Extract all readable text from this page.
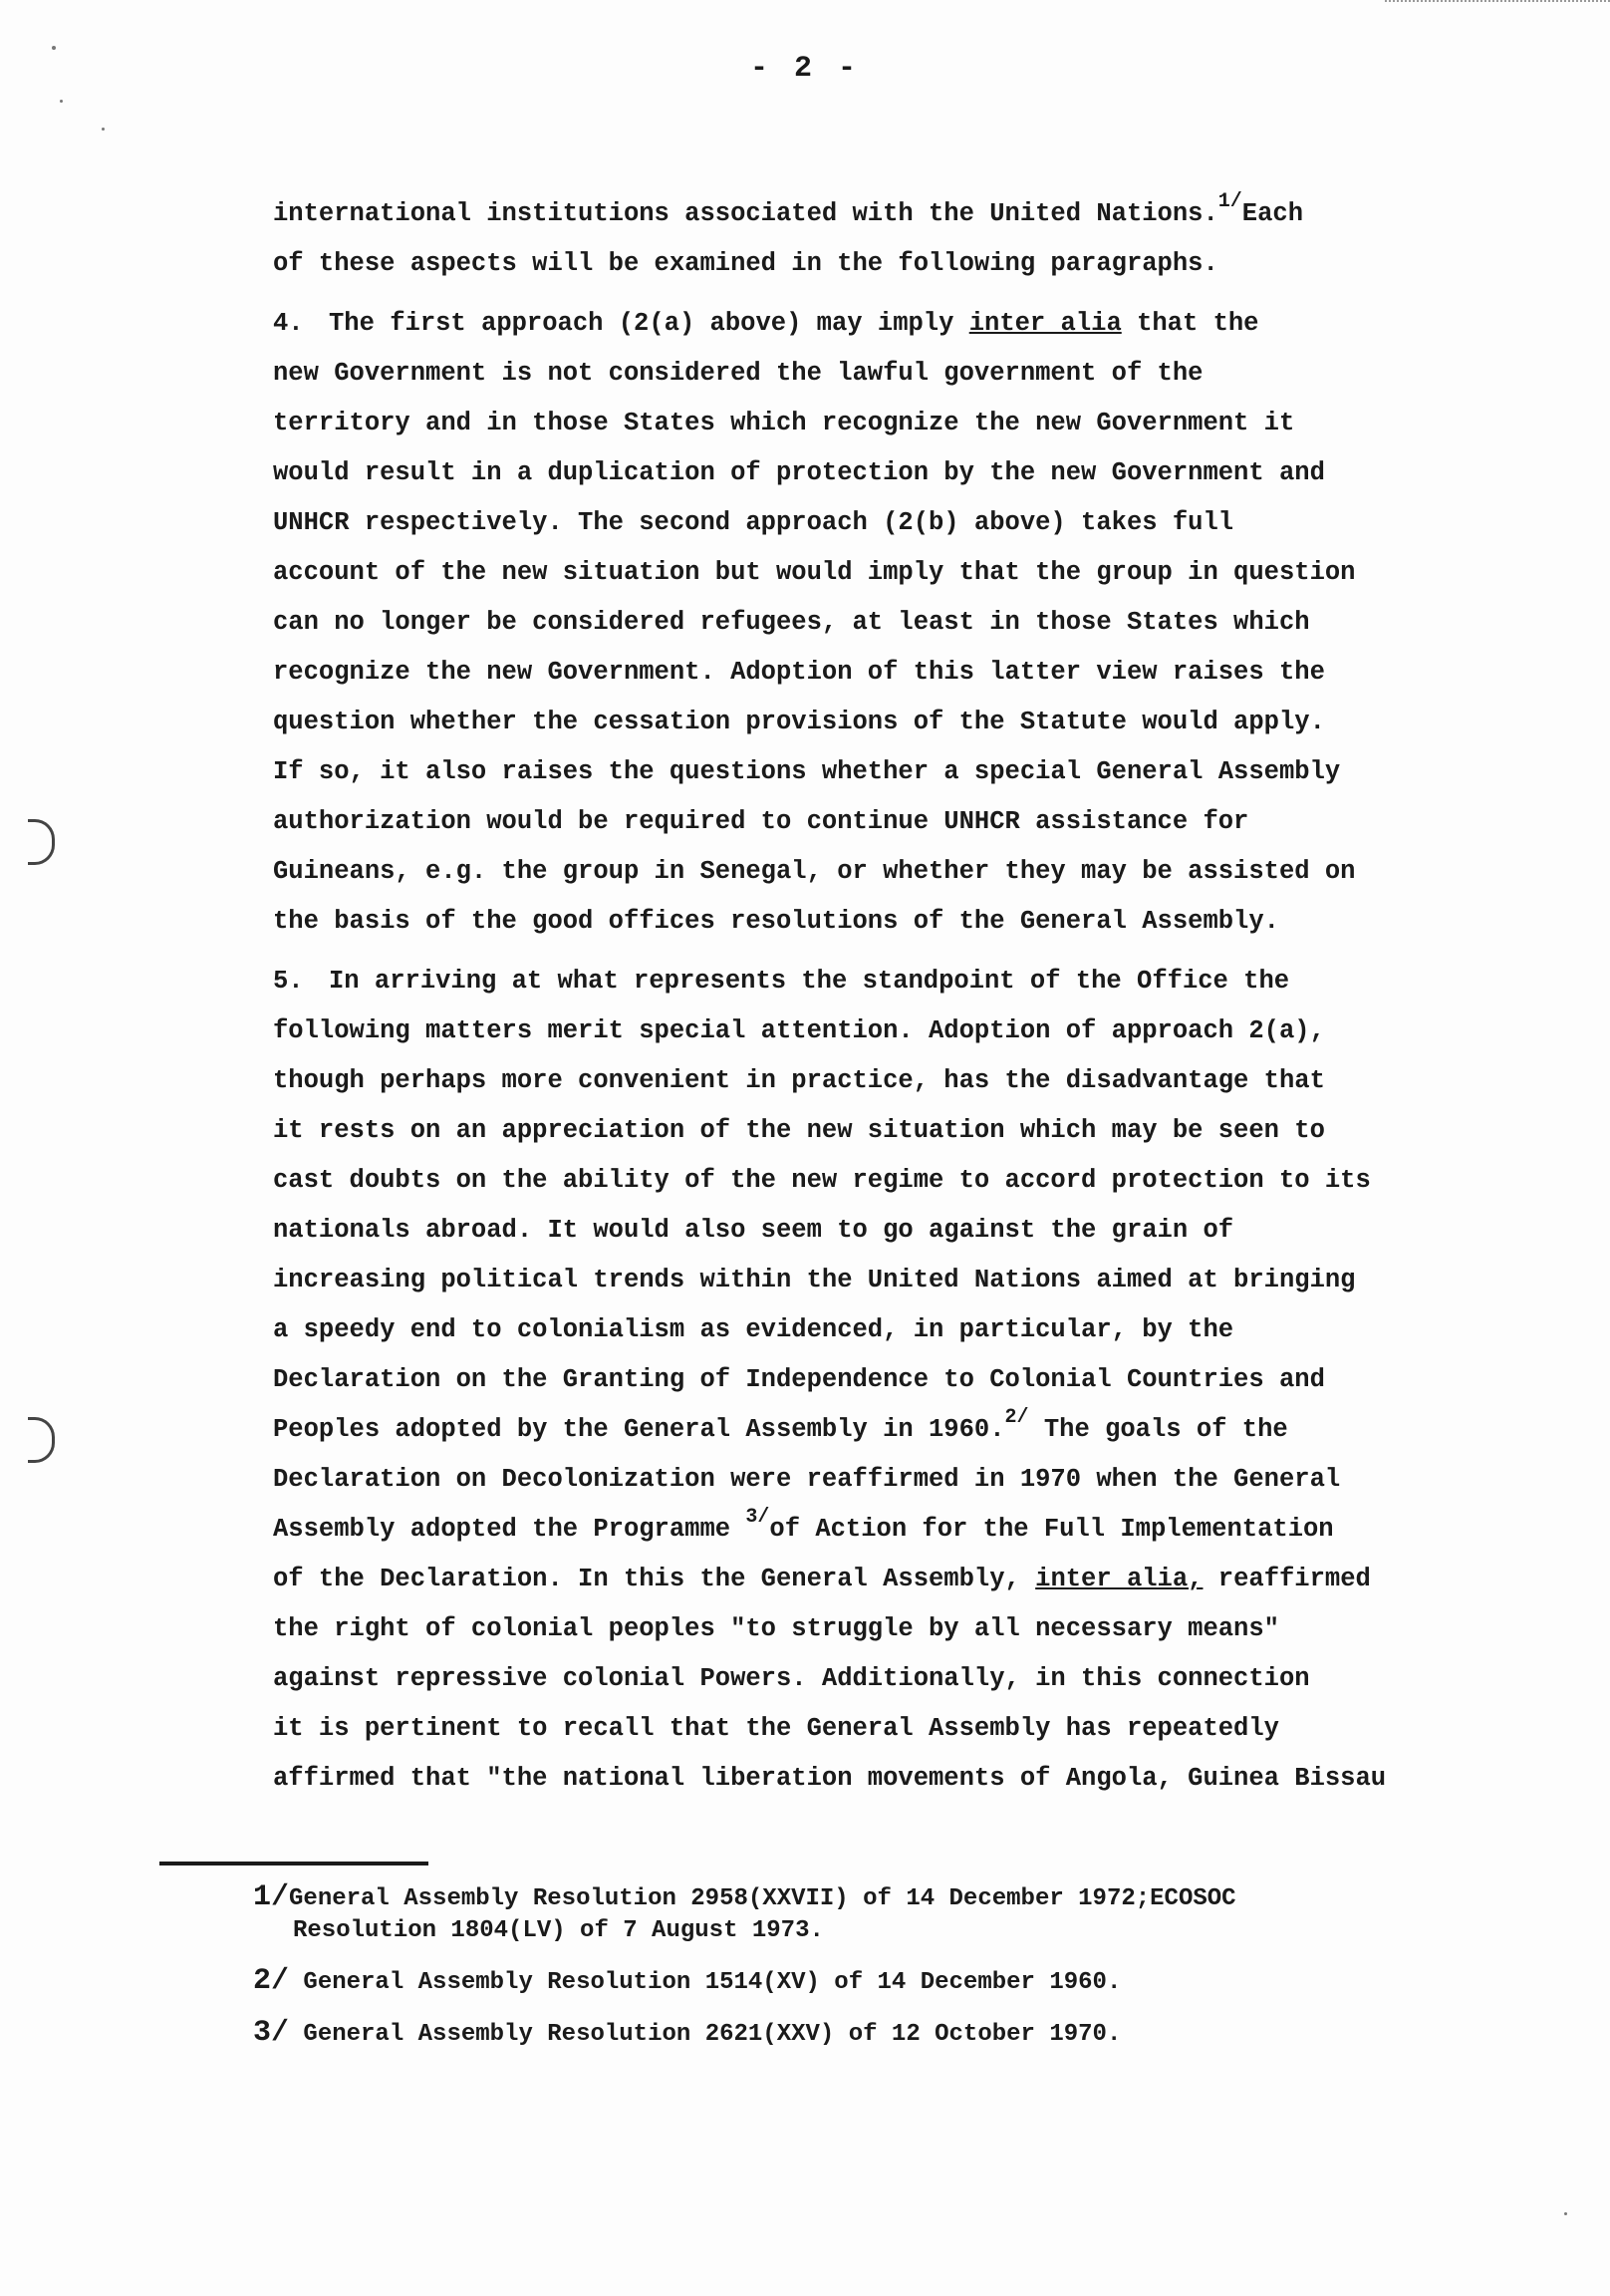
- 2 -

international institutions associated with the United Nations.$^{1/}$Each
of these aspects will be examined in the following paragraphs.

4. The first approach (2(a) above) may imply inter alia that the
new Government is not considered the lawful government of the
territory and in those States which recognize the new Government it
would result in a duplication of protection by the new Government and
UNHCR respectively. The second approach (2(b) above) takes full
account of the new situation but would imply that the group in question
can no longer be considered refugees, at least in those States which
recognize the new Government. Adoption of this latter view raises the
question whether the cessation provisions of the Statute would apply.
If so, it also raises the questions whether a special General Assembly
authorization would be required to continue UNHCR assistance for
Guineans, e.g. the group in Senegal, or whether they may be assisted on
the basis of the good offices resolutions of the General Assembly.

5. In arriving at what represents the standpoint of the Office the
following matters merit special attention. Adoption of approach 2(a),
though perhaps more convenient in practice, has the disadvantage that
it rests on an appreciation of the new situation which may be seen to
cast doubts on the ability of the new regime to accord protection to its
nationals abroad. It would also seem to go against the grain of
increasing political trends within the United Nations aimed at bringing
a speedy end to colonialism as evidenced, in particular, by the
Declaration on the Granting of Independence to Colonial Countries and
Peoples adopted by the General Assembly in 1960.$^{2/}$ The goals of the
Declaration on Decolonization were reaffirmed in 1970 when the General
Assembly adopted the Programme $^{3/}$of Action for the Full Implementation
of the Declaration. In this the General Assembly, inter alia, reaffirmed
the right of colonial peoples "to struggle by all necessary means"
against repressive colonial Powers. Additionally, in this connection
it is pertinent to recall that the General Assembly has repeatedly
affirmed that "the national liberation movements of Angola, Guinea Bissau

1/General Assembly Resolution 2958(XXVII) of 14 December 1972;ECOSOC
Resolution 1804(LV) of 7 August 1973.
2/ General Assembly Resolution 1514(XV) of 14 December 1960.
3/ General Assembly Resolution 2621(XXV) of 12 October 1970.
